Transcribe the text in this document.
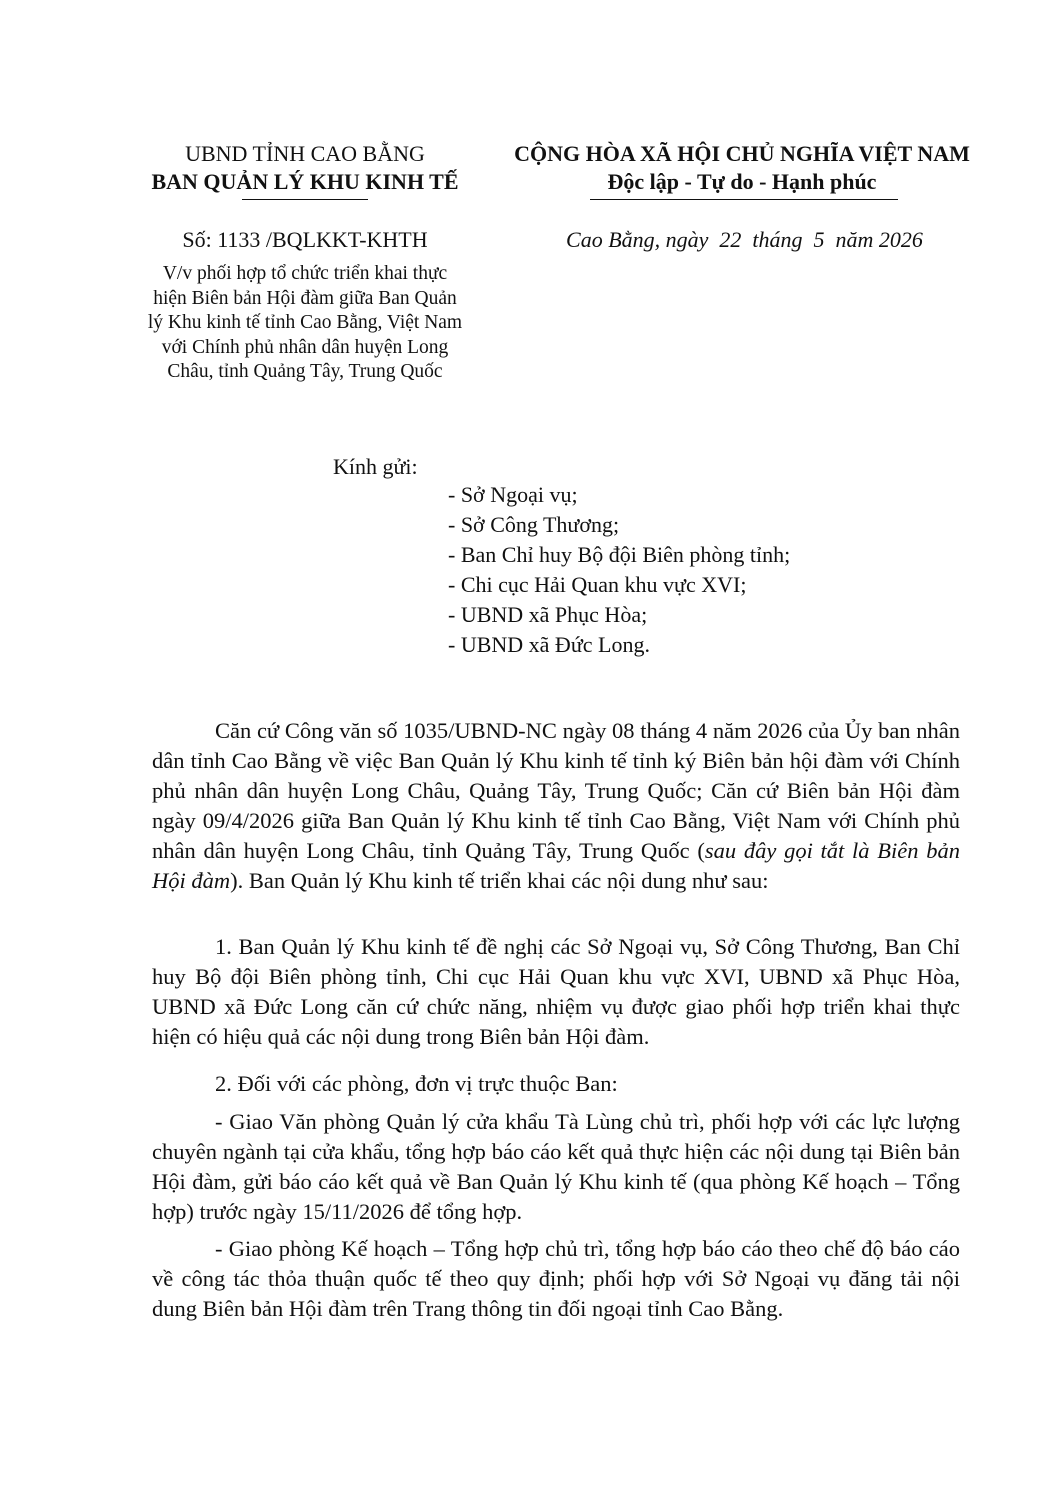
UBND TỈNH CAO BẰNG
BAN QUẢN LÝ KHU KINH TẾ
CỘNG HÒA XÃ HỘI CHỦ NGHĨA VIỆT NAM
Độc lập - Tự do - Hạnh phúc
Số: 1133 /BQLKKT-KHTH	Cao Bằng, ngày  22  tháng  5  năm 2026
V/v phối hợp tổ chức triển khai thực
hiện Biên bản Hội đàm giữa Ban Quản
lý Khu kinh tế tỉnh Cao Bằng, Việt Nam
với Chính phủ nhân dân huyện Long
Châu, tỉnh Quảng Tây, Trung Quốc
Kính gửi:
- Sở Ngoại vụ;
- Sở Công Thương;
- Ban Chỉ huy Bộ đội Biên phòng tỉnh;
- Chi cục Hải Quan khu vực XVI;
- UBND xã Phục Hòa;
- UBND xã Đức Long.

Căn cứ Công văn số 1035/UBND-NC ngày 08 tháng 4 năm 2026 của Ủy ban nhân dân tỉnh Cao Bằng về việc Ban Quản lý Khu kinh tế tỉnh ký Biên bản hội đàm với Chính phủ nhân dân huyện Long Châu, Quảng Tây, Trung Quốc; Căn cứ Biên bản Hội đàm ngày 09/4/2026 giữa Ban Quản lý Khu kinh tế tỉnh Cao Bằng, Việt Nam với Chính phủ nhân dân huyện Long Châu, tỉnh Quảng Tây, Trung Quốc (sau đây gọi tắt là Biên bản Hội đàm). Ban Quản lý Khu kinh tế triển khai các nội dung như sau:

1. Ban Quản lý Khu kinh tế đề nghị các Sở Ngoại vụ, Sở Công Thương, Ban Chỉ huy Bộ đội Biên phòng tỉnh, Chi cục Hải Quan khu vực XVI, UBND xã Phục Hòa, UBND xã Đức Long căn cứ chức năng, nhiệm vụ được giao phối hợp triển khai thực hiện có hiệu quả các nội dung trong Biên bản Hội đàm.

2. Đối với các phòng, đơn vị trực thuộc Ban:

- Giao Văn phòng Quản lý cửa khẩu Tà Lùng chủ trì, phối hợp với các lực lượng chuyên ngành tại cửa khẩu, tổng hợp báo cáo kết quả thực hiện các nội dung tại Biên bản Hội đàm, gửi báo cáo kết quả về Ban Quản lý Khu kinh tế (qua phòng Kế hoạch – Tổng hợp) trước ngày 15/11/2026 để tổng hợp.

- Giao phòng Kế hoạch – Tổng hợp chủ trì, tổng hợp báo cáo theo chế độ báo cáo về công tác thỏa thuận quốc tế theo quy định; phối hợp với Sở Ngoại vụ đăng tải nội dung Biên bản Hội đàm trên Trang thông tin đối ngoại tỉnh Cao Bằng.
